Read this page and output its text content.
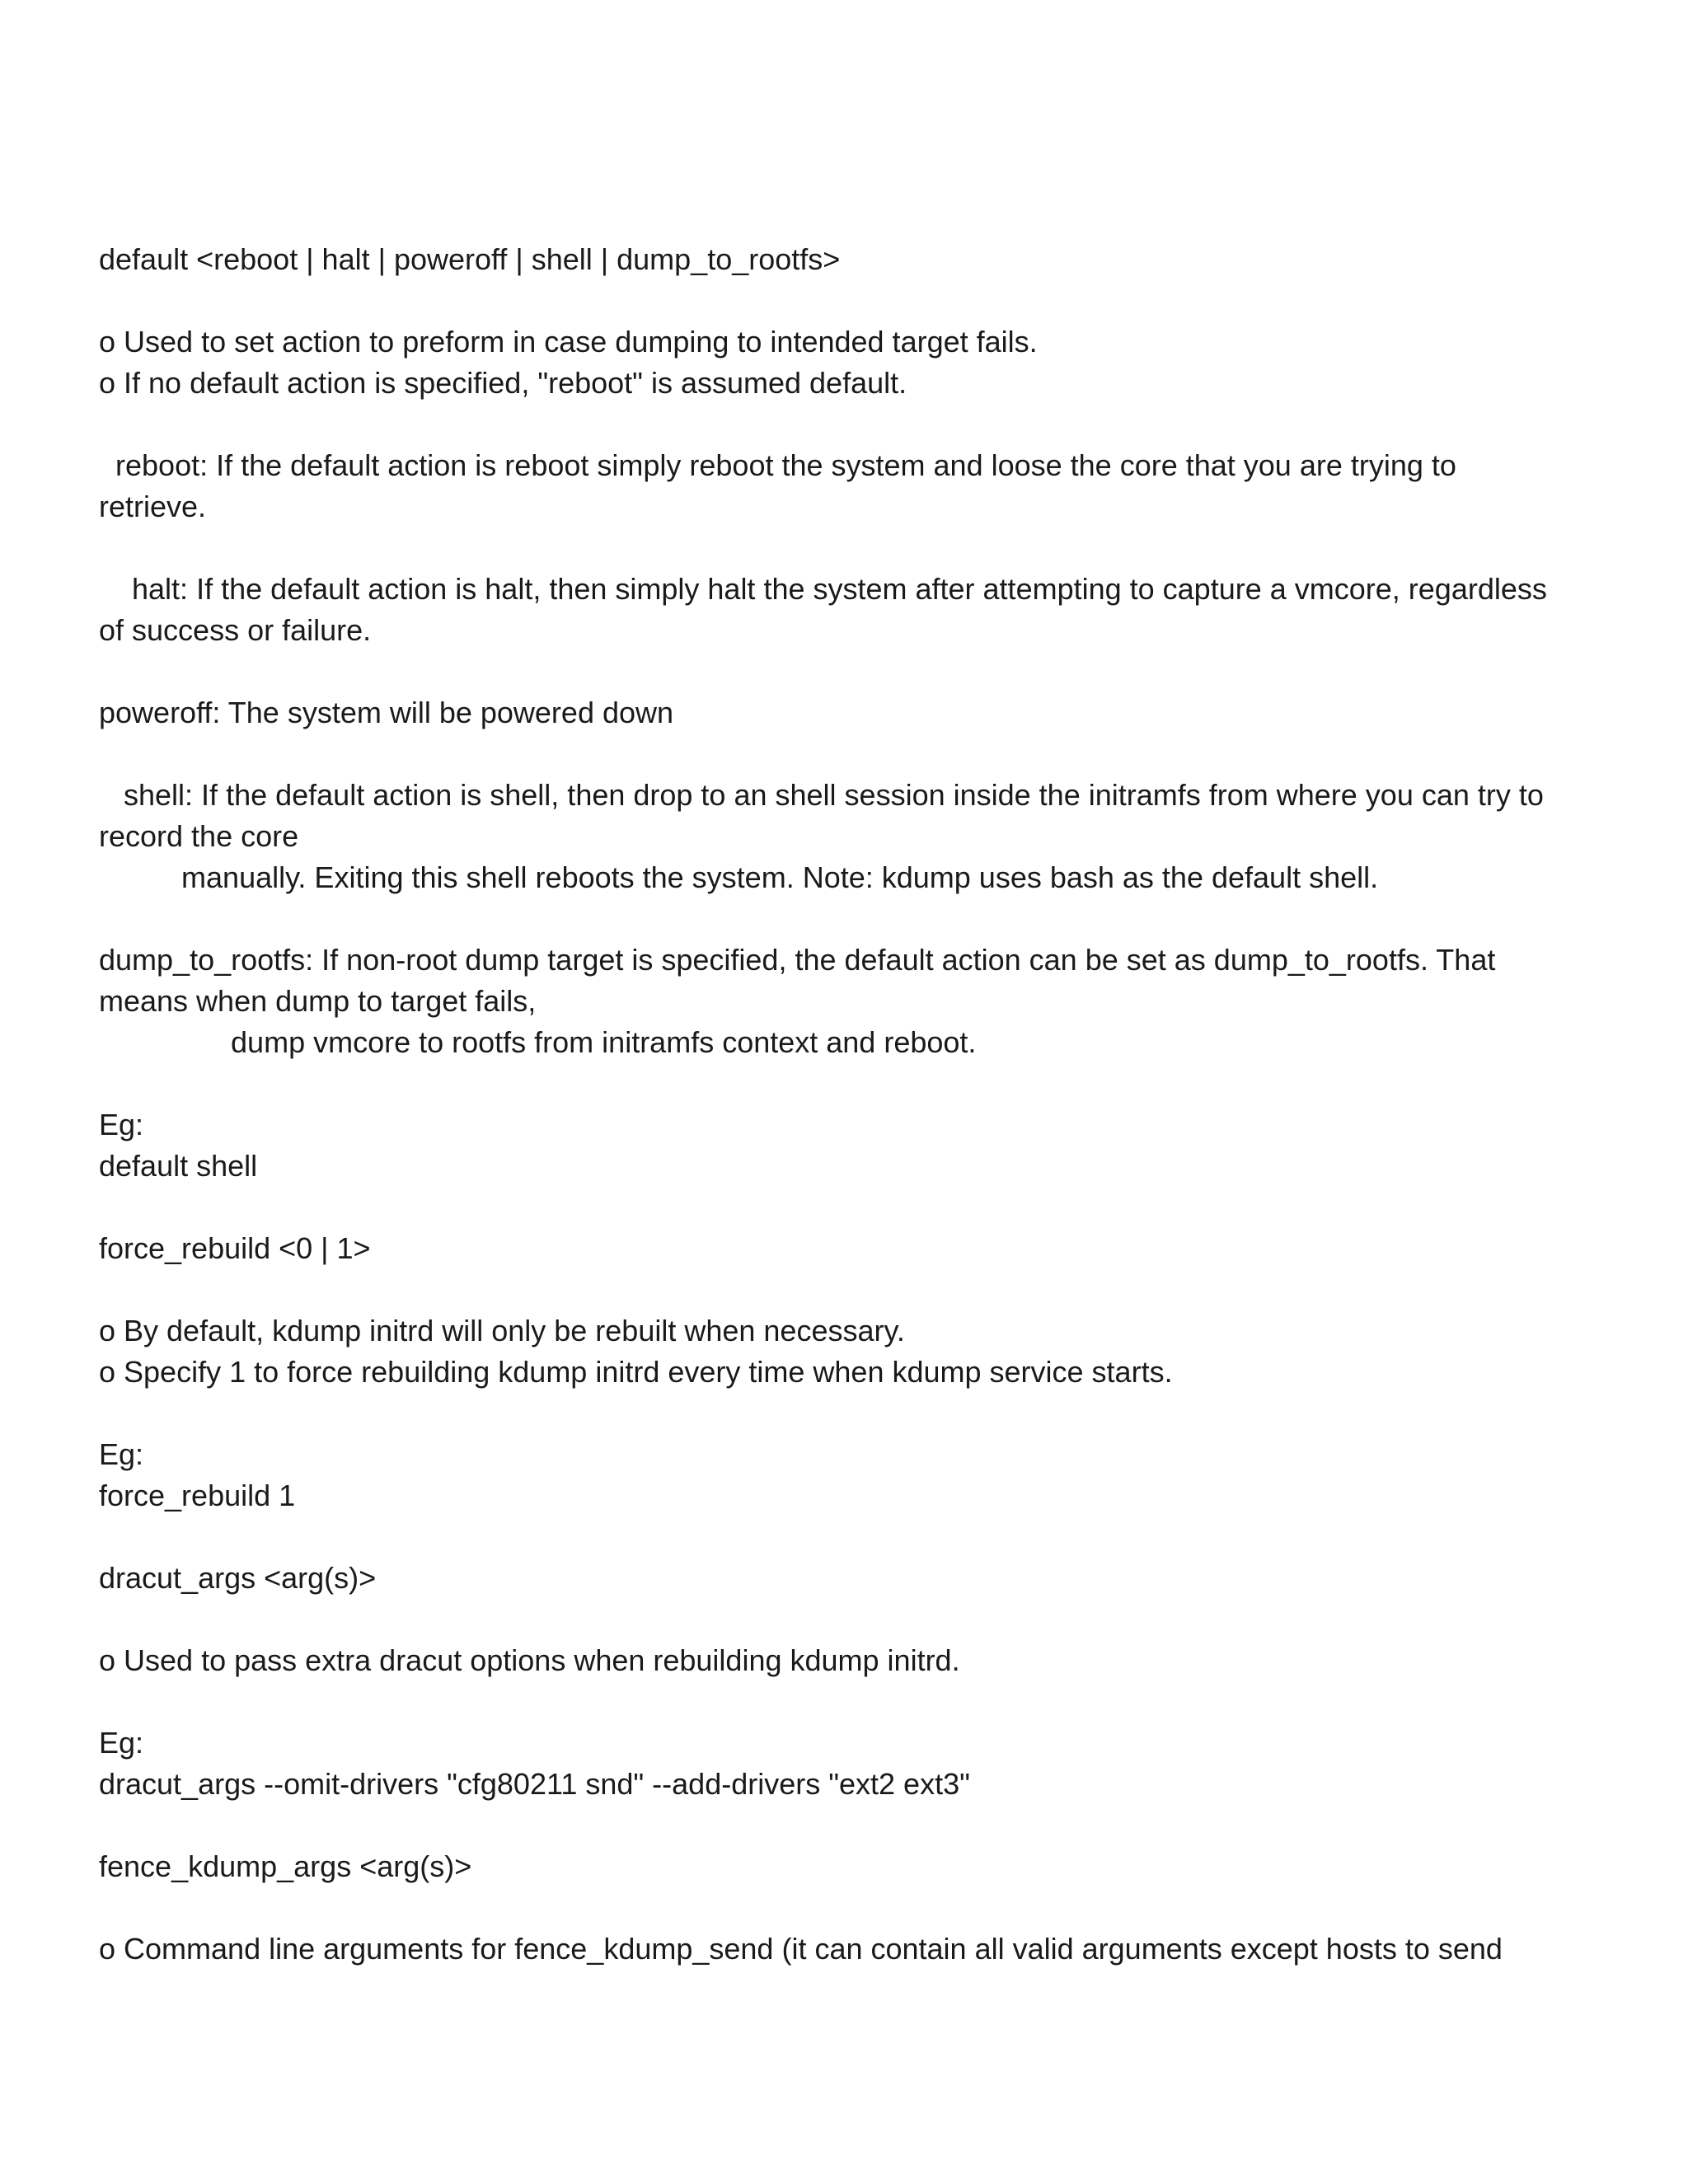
default <reboot | halt | poweroff | shell | dump_to_rootfs>
o Used to set action to preform in case dumping to intended target fails.
o If no default action is specified, "reboot" is assumed default.
reboot: If the default action is reboot simply reboot the system and loose the core that you are trying to
retrieve.
halt: If the default action is halt, then simply halt the system after attempting to capture a vmcore, regardless
of success or failure.
poweroff: The system will be powered down
shell: If the default action is shell, then drop to an shell session inside the initramfs from where you can try to
record the core
manually. Exiting this shell reboots the system. Note: kdump uses bash as the default shell.
dump_to_rootfs: If non-root dump target is specified, the default action can be set as dump_to_rootfs. That
means when dump to target fails,
dump vmcore to rootfs from initramfs context and reboot.
Eg:
default shell
force_rebuild <0 | 1>
o By default, kdump initrd will only be rebuilt when necessary.
o Specify 1 to force rebuilding kdump initrd every time when kdump service starts.
Eg:
force_rebuild 1
dracut_args <arg(s)>
o Used to pass extra dracut options when rebuilding kdump initrd.
Eg:
dracut_args --omit-drivers "cfg80211 snd" --add-drivers "ext2 ext3"
fence_kdump_args <arg(s)>
o Command line arguments for fence_kdump_send (it can contain all valid arguments except hosts to send
